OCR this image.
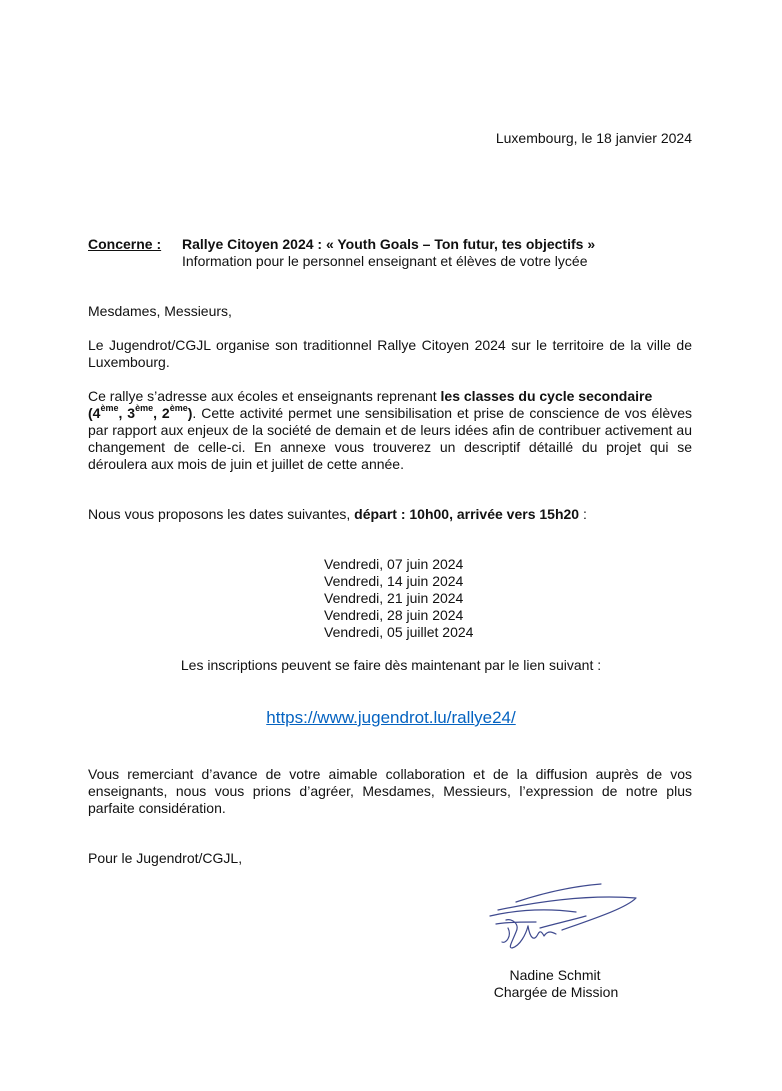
Luxembourg, le 18 janvier 2024
Concerne : Rallye Citoyen 2024 : « Youth Goals – Ton futur, tes objectifs »
Information pour le personnel enseignant et élèves de votre lycée
Mesdames, Messieurs,
Le Jugendrot/CGJL organise son traditionnel Rallye Citoyen 2024 sur le territoire de la ville de Luxembourg.
Ce rallye s’adresse aux écoles et enseignants reprenant les classes du cycle secondaire
(4ème, 3ème, 2ème). Cette activité permet une sensibilisation et prise de conscience de vos élèves par rapport aux enjeux de la société de demain et de leurs idées afin de contribuer activement au changement de celle-ci. En annexe vous trouverez un descriptif détaillé du projet qui se déroulera aux mois de juin et juillet de cette année.
Nous vous proposons les dates suivantes, départ : 10h00, arrivée vers 15h20 :
Vendredi, 07 juin 2024
Vendredi, 14 juin 2024
Vendredi, 21 juin 2024
Vendredi, 28 juin 2024
Vendredi, 05 juillet 2024
Les inscriptions peuvent se faire dès maintenant par le lien suivant :
https://www.jugendrot.lu/rallye24/
Vous remerciant d’avance de votre aimable collaboration et de la diffusion auprès de vos enseignants, nous vous prions d’agréer, Mesdames, Messieurs, l’expression de notre plus parfaite considération.
Pour le Jugendrot/CGJL,
Nadine Schmit
Chargée de Mission
